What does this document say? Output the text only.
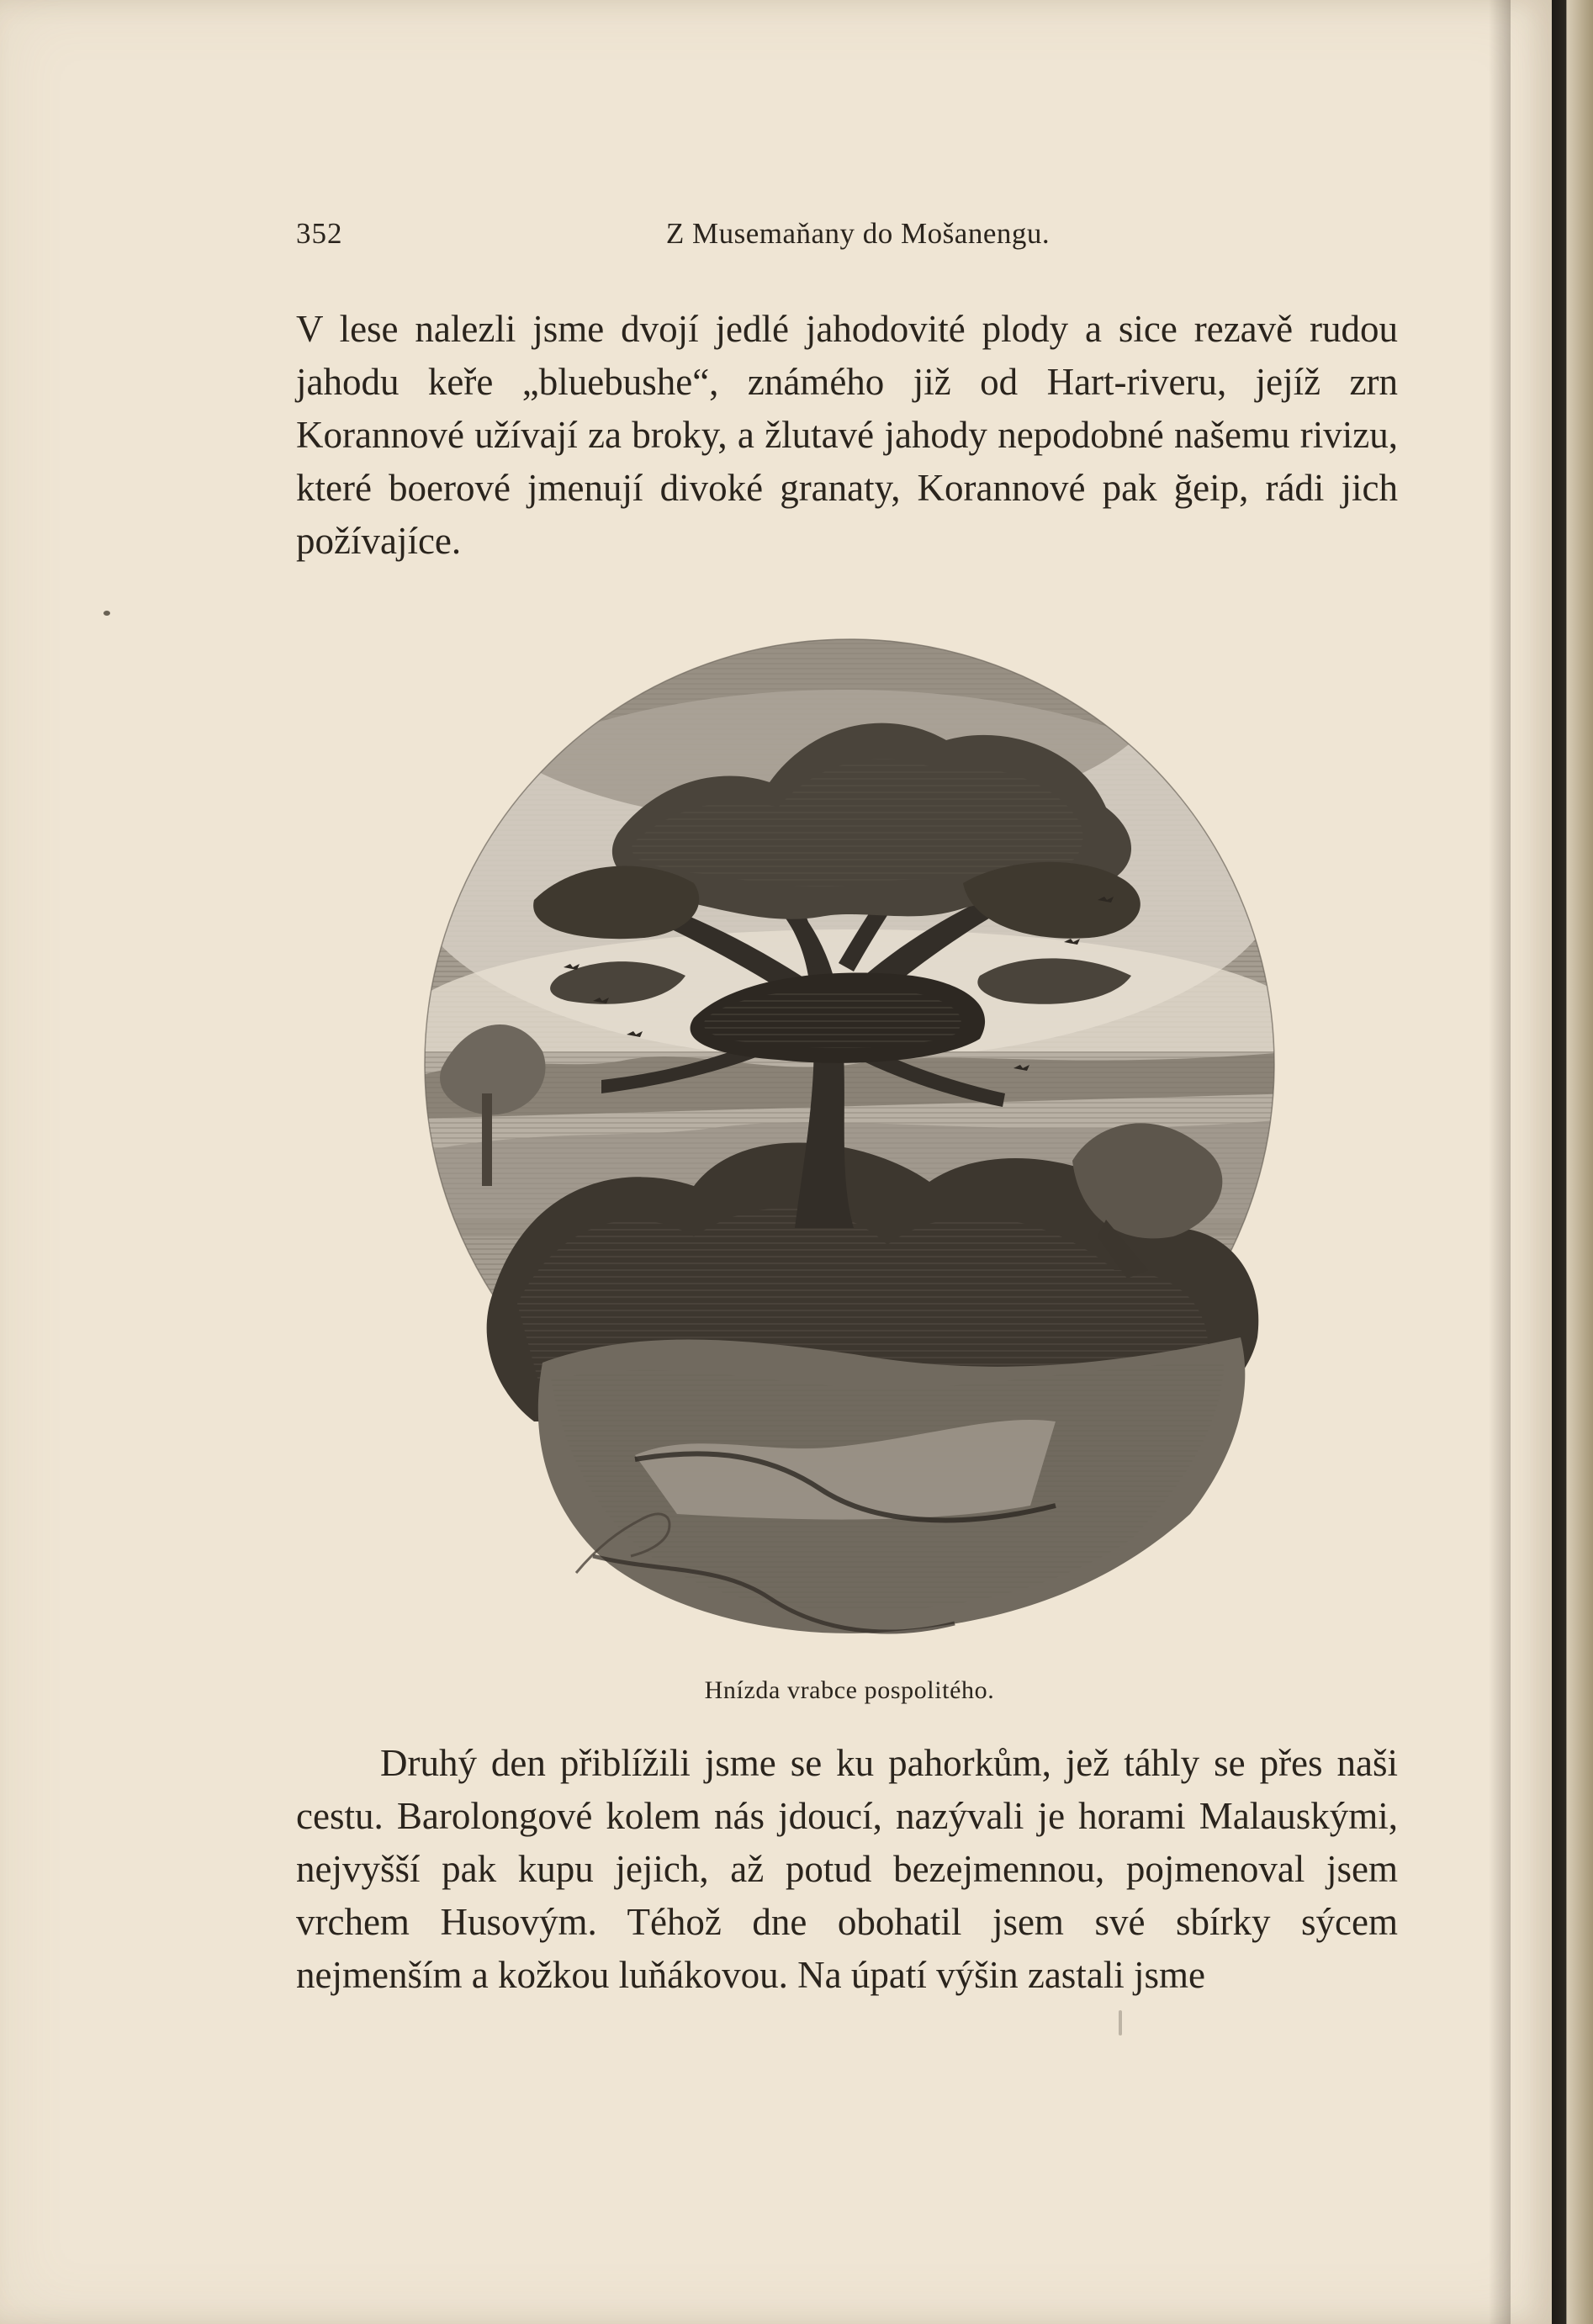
352	Z Musemaňany do Mošanengu.

V lese nalezli jsme dvojí jedlé jahodovité plody a sice rezavě rudou jahodu keře „bluebushe“, známého již od Hart-riveru, jejíž zrn Korannové užívají za broky, a žlutavé jahody nepodobné našemu rivizu, které boerové jmenují divoké granaty, Korannové pak ğeip, rádi jich požívajíce.

Hnízda vrabce pospolitého.

Druhý den přiblížili jsme se ku pahorkům, jež táhly se přes naši cestu. Barolongové kolem nás jdoucí, nazývali je horami Malauskými, nejvyšší pak kupu jejich, až potud bezejmennou, pojmenoval jsem vrchem Husovým. Téhož dne obohatil jsem své sbírky sýcem nejmenším a kožkou luňákovou. Na úpatí výšin zastali jsme
